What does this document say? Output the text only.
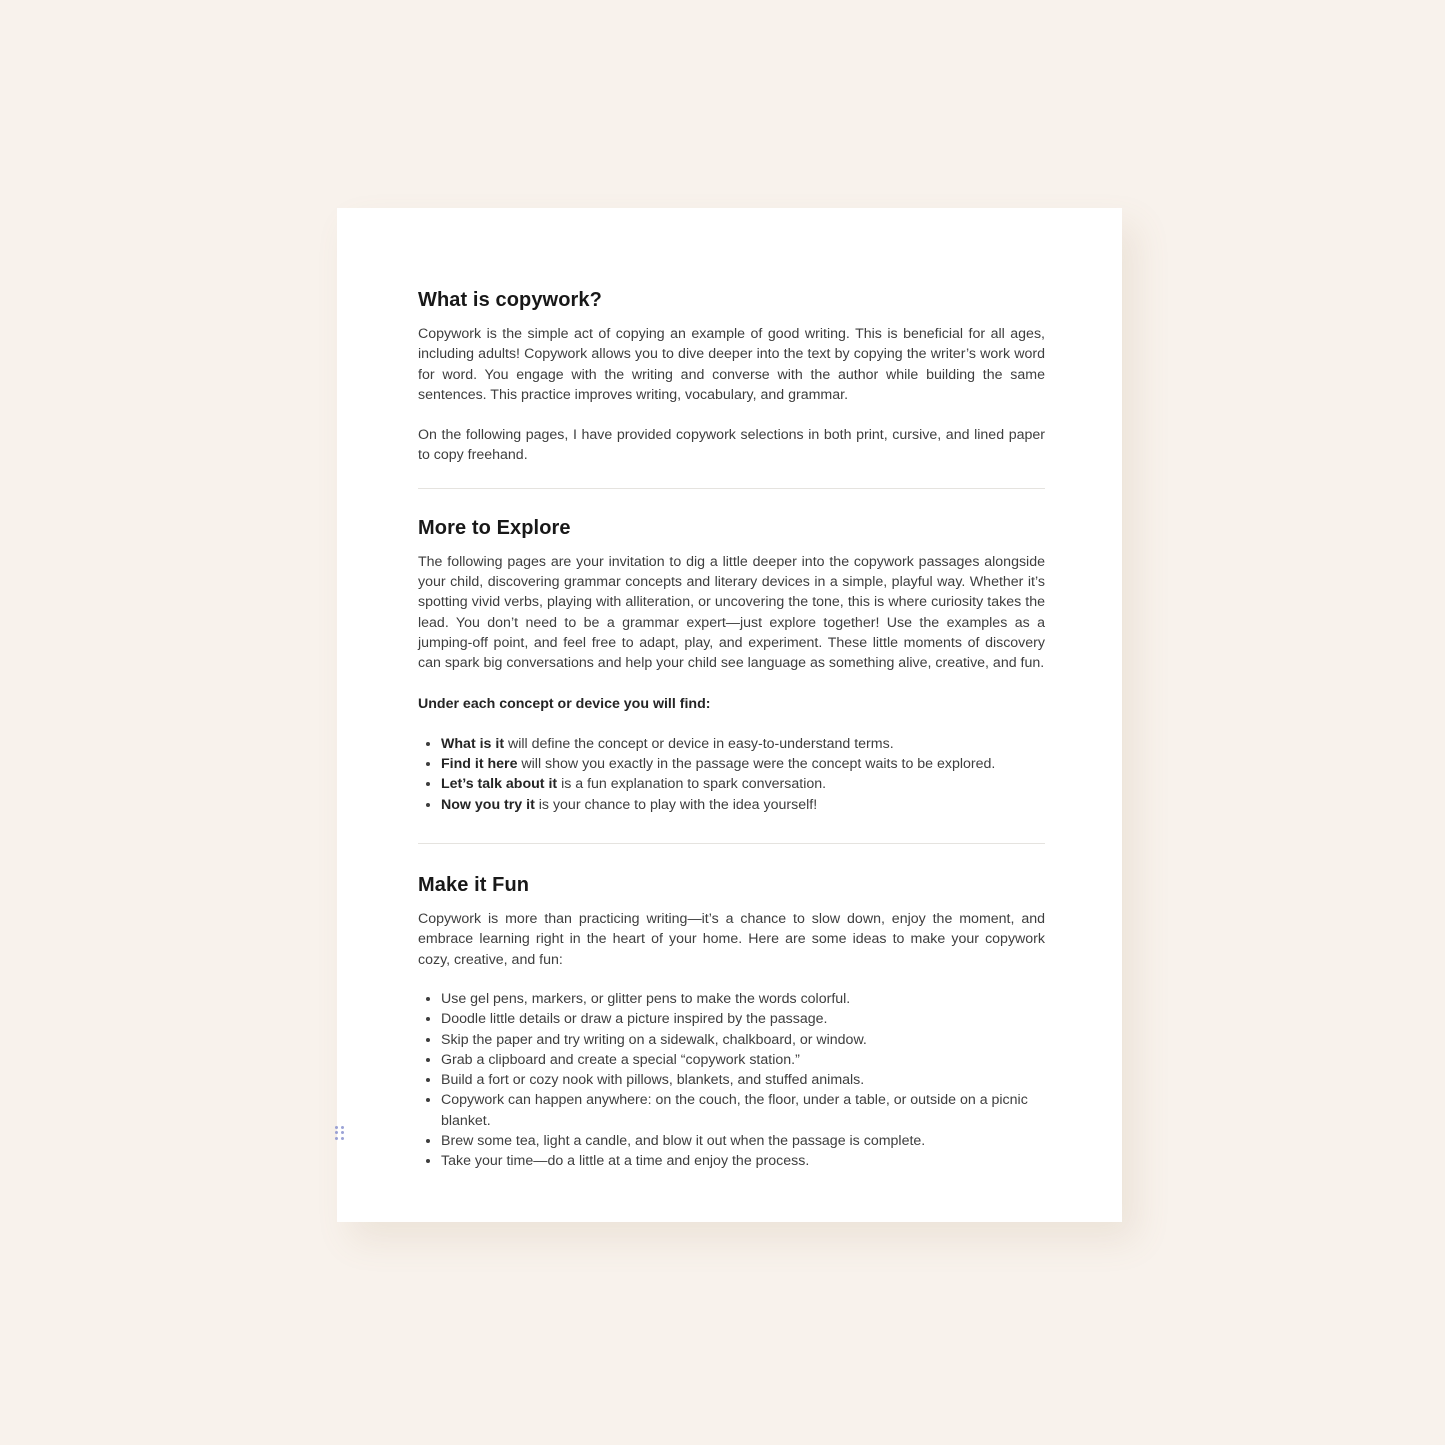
What is copywork?

Copywork is the simple act of copying an example of good writing. This is beneficial for all ages, including adults! Copywork allows you to dive deeper into the text by copying the writer’s work word for word. You engage with the writing and converse with the author while building the same sentences. This practice improves writing, vocabulary, and grammar.

On the following pages, I have provided copywork selections in both print, cursive, and lined paper to copy freehand.

More to Explore

The following pages are your invitation to dig a little deeper into the copywork passages alongside your child, discovering grammar concepts and literary devices in a simple, playful way. Whether it’s spotting vivid verbs, playing with alliteration, or uncovering the tone, this is where curiosity takes the lead. You don’t need to be a grammar expert—just explore together! Use the examples as a jumping-off point, and feel free to adapt, play, and experiment. These little moments of discovery can spark big conversations and help your child see language as something alive, creative, and fun.

Under each concept or device you will find:

• What is it will define the concept or device in easy-to-understand terms.
• Find it here will show you exactly in the passage were the concept waits to be explored.
• Let’s talk about it is a fun explanation to spark conversation.
• Now you try it is your chance to play with the idea yourself!
Make it Fun

Copywork is more than practicing writing—it’s a chance to slow down, enjoy the moment, and embrace learning right in the heart of your home. Here are some ideas to make your copywork cozy, creative, and fun:

• Use gel pens, markers, or glitter pens to make the words colorful.
• Doodle little details or draw a picture inspired by the passage.
• Skip the paper and try writing on a sidewalk, chalkboard, or window.
• Grab a clipboard and create a special “copywork station.”
• Build a fort or cozy nook with pillows, blankets, and stuffed animals.
• Copywork can happen anywhere: on the couch, the floor, under a table, or outside on a picnic blanket.
• Brew some tea, light a candle, and blow it out when the passage is complete.
• Take your time—do a little at a time and enjoy the process.
